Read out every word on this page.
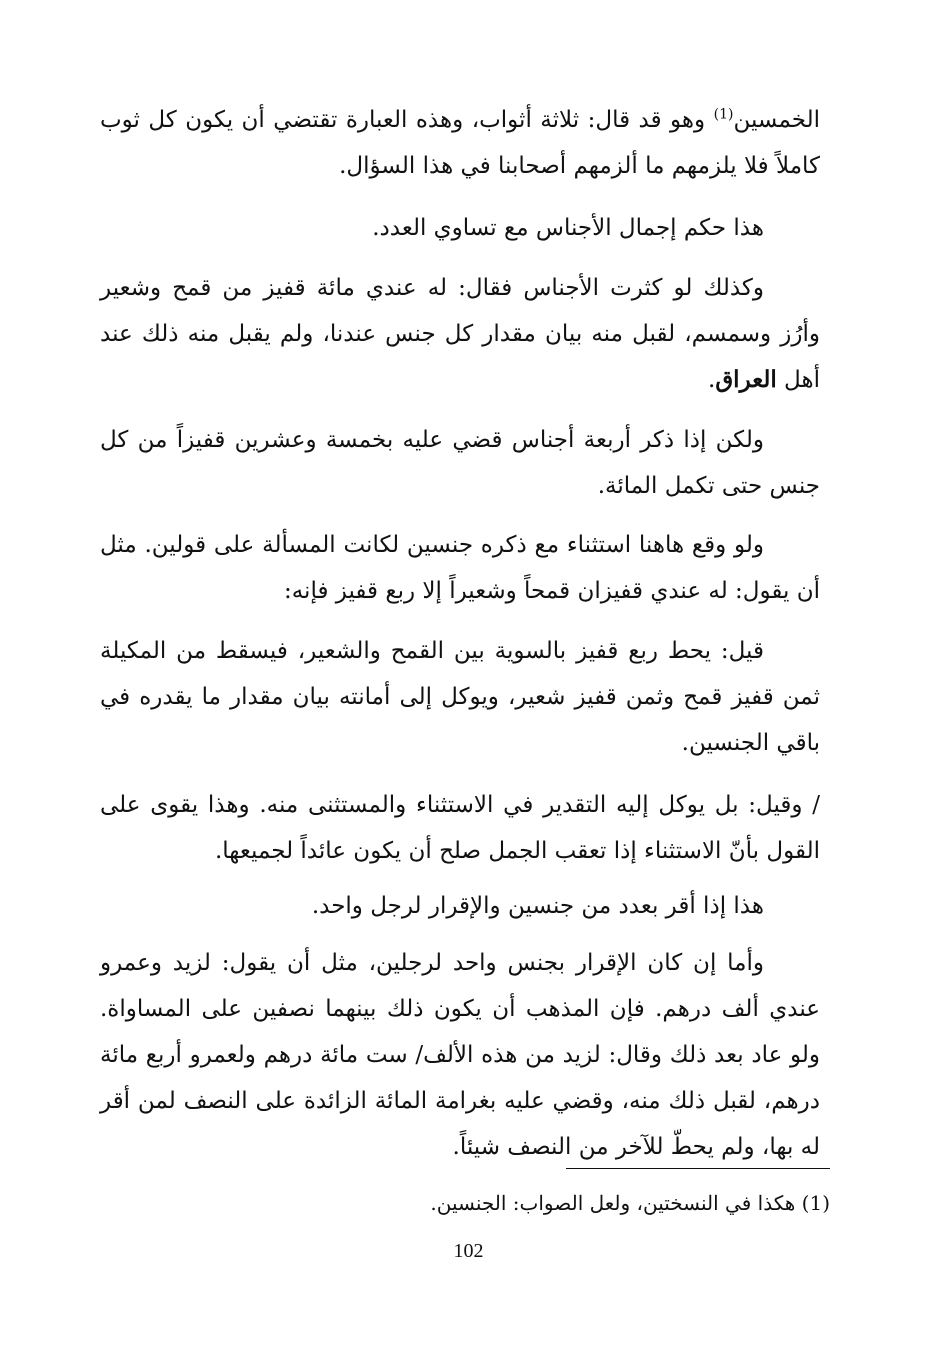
الخمسين$^{(1)}$ وهو قد قال: ثلاثة أثواب، وهذه العبارة تقتضي أن يكون كل ثوب كاملاً فلا يلزمهم ما ألزمهم أصحابنا في هذا السؤال.

هذا حكم إجمال الأجناس مع تساوي العدد.

وكذلك لو كثرت الأجناس فقال: له عندي مائة قفيز من قمح وشعير وأرُز وسمسم، لقبل منه بيان مقدار كل جنس عندنا، ولم يقبل منه ذلك عند أهل العراق.

ولكن إذا ذكر أربعة أجناس قضي عليه بخمسة وعشرين قفيزاً من كل جنس حتى تكمل المائة.

ولو وقع هاهنا استثناء مع ذكره جنسين لكانت المسألة على قولين. مثل أن يقول: له عندي قفيزان قمحاً وشعيراً إلا ربع قفيز فإنه:

قيل: يحط ربع قفيز بالسوية بين القمح والشعير، فيسقط من المكيلة ثمن قفيز قمح وثمن قفيز شعير، ويوكل إلى أمانته بيان مقدار ما يقدره في باقي الجنسين.

/ وقيل: بل يوكل إليه التقدير في الاستثناء والمستثنى منه. وهذا يقوى على القول بأنّ الاستثناء إذا تعقب الجمل صلح أن يكون عائداً لجميعها.

هذا إذا أقر بعدد من جنسين والإقرار لرجل واحد.

وأما إن كان الإقرار بجنس واحد لرجلين، مثل أن يقول: لزيد وعمرو عندي ألف درهم. فإن المذهب أن يكون ذلك بينهما نصفين على المساواة. ولو عاد بعد ذلك وقال: لزيد من هذه الألف/ ست مائة درهم ولعمرو أربع مائة درهم، لقبل ذلك منه، وقضي عليه بغرامة المائة الزائدة على النصف لمن أقر له بها، ولم يحطّ للآخر من النصف شيئاً.

(1) هكذا في النسختين، ولعل الصواب: الجنسين.
102
